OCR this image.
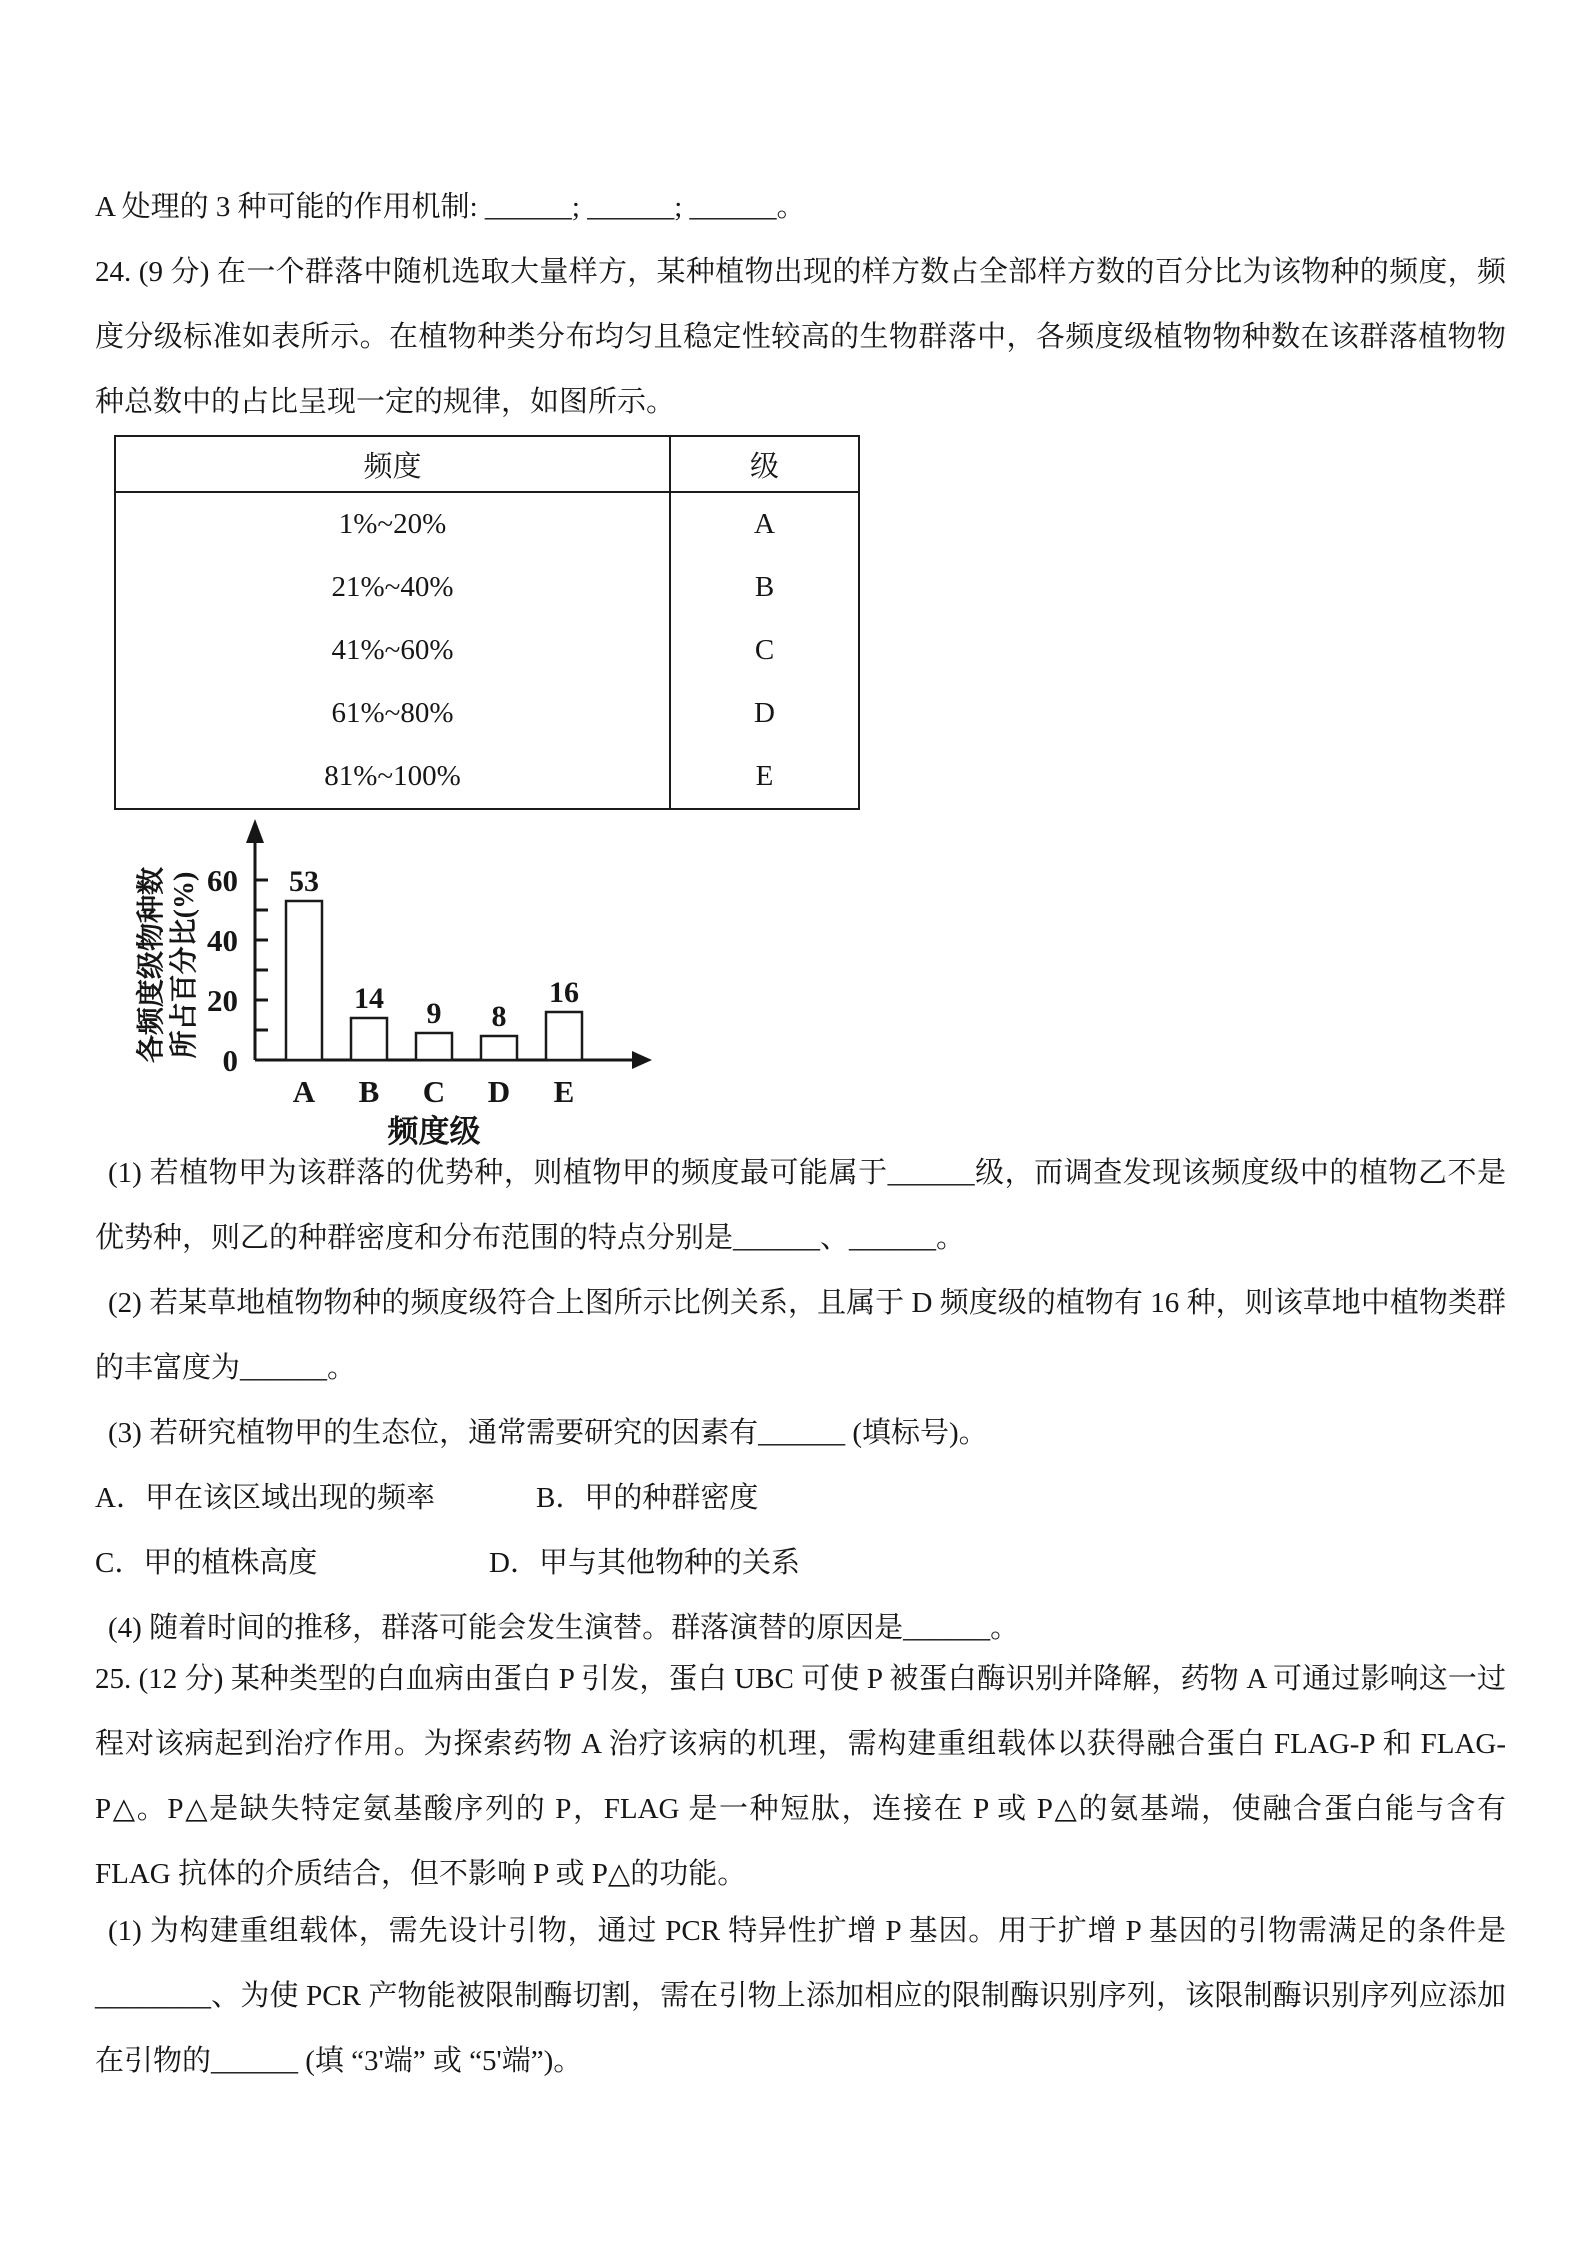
A 处理的 3 种可能的作用机制: ______; ______; ______。

24. (9 分) 在一个群落中随机选取大量样方，某种植物出现的样方数占全部样方数的百分比为该物种的频度，频度分级标准如表所示。在植物种类分布均匀且稳定性较高的生物群落中，各频度级植物物种数在该群落植物物种总数中的占比呈现一定的规律，如图所示。

频度	级
1%~20%	A
21%~40%	B
41%~60%	C
61%~80%	D
81%~100%	E
0
20
40
60 53
A
14
B
9
C
8
D
16
E
频度级
各频度级物种数 所占百分比(%)

(1) 若植物甲为该群落的优势种，则植物甲的频度最可能属于______级，而调查发现该频度级中的植物乙不是优势种，则乙的种群密度和分布范围的特点分别是______、______。

(2) 若某草地植物物种的频度级符合上图所示比例关系，且属于 D 频度级的植物有 16 种，则该草地中植物类群的丰富度为______。

(3) 若研究植物甲的生态位，通常需要研究的因素有______ (填标号)。

A．甲在该区域出现的频率	B．甲的种群密度

C．甲的植株高度	D．甲与其他物种的关系

(4) 随着时间的推移，群落可能会发生演替。群落演替的原因是______。

25. (12 分) 某种类型的白血病由蛋白 P 引发，蛋白 UBC 可使 P 被蛋白酶识别并降解，药物 A 可通过影响这一过程对该病起到治疗作用。为探索药物 A 治疗该病的机理，需构建重组载体以获得融合蛋白 FLAG-P 和 FLAG-P△。P△是缺失特定氨基酸序列的 P，FLAG 是一种短肽，连接在 P 或 P△的氨基端，使融合蛋白能与含有 FLAG 抗体的介质结合，但不影响 P 或 P△的功能。

(1) 为构建重组载体，需先设计引物，通过 PCR 特异性扩增 P 基因。用于扩增 P 基因的引物需满足的条件是________、为使 PCR 产物能被限制酶切割，需在引物上添加相应的限制酶识别序列，该限制酶识别序列应添加在引物的______ (填 “3'端” 或 “5'端”)。
